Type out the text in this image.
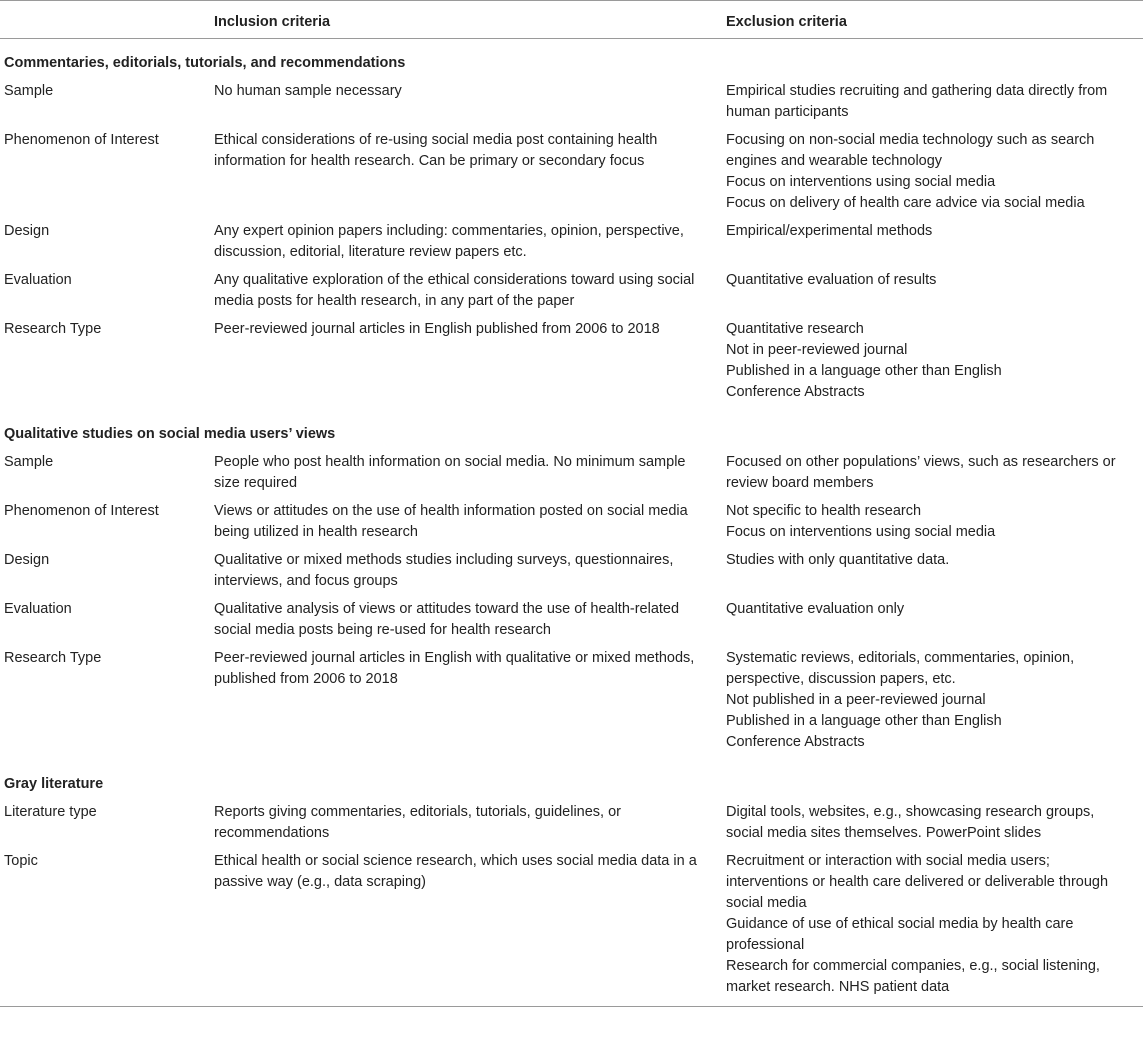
	Inclusion criteria	Exclusion criteria
Commentaries, editorials, tutorials, and recommendations		
Sample	No human sample necessary	Empirical studies recruiting and gathering data directly from human participants

Phenomenon of Interest	Ethical considerations of re-using social media post containing health information for health research. Can be primary or secondary focus	Focusing on non-social media technology such as search engines and wearable technology
Focus on interventions using social media
Focus on delivery of health care advice via social media

Design	Any expert opinion papers including: commentaries, opinion, perspective, discussion, editorial, literature review papers etc.	Empirical/experimental methods

Evaluation	Any qualitative exploration of the ethical considerations toward using social media posts for health research, in any part of the paper	Quantitative evaluation of results

Research Type	Peer-reviewed journal articles in English published from 2006 to 2018	Quantitative research
Not in peer-reviewed journal
Published in a language other than English
Conference Abstracts

Qualitative studies on social media users’ views		
Sample	People who post health information on social media. No minimum sample size required	Focused on other populations’ views, such as researchers or review board members

Phenomenon of Interest	Views or attitudes on the use of health information posted on social media being utilized in health research	Not specific to health research
Focus on interventions using social media

Design	Qualitative or mixed methods studies including surveys, questionnaires, interviews, and focus groups	Studies with only quantitative data.

Evaluation	Qualitative analysis of views or attitudes toward the use of health-related social media posts being re-used for health research	Quantitative evaluation only

Research Type	Peer-reviewed journal articles in English with qualitative or mixed methods, published from 2006 to 2018	Systematic reviews, editorials, commentaries, opinion, perspective, discussion papers, etc.
Not published in a peer-reviewed journal
Published in a language other than English
Conference Abstracts

Gray literature		
Literature type	Reports giving commentaries, editorials, tutorials, guidelines, or recommendations	Digital tools, websites, e.g., showcasing research groups, social media sites themselves. PowerPoint slides

Topic	Ethical health or social science research, which uses social media data in a passive way (e.g., data scraping)	Recruitment or interaction with social media users; interventions or health care delivered or deliverable through social media
Guidance of use of ethical social media by health care professional
Research for commercial companies, e.g., social listening, market research. NHS patient data
